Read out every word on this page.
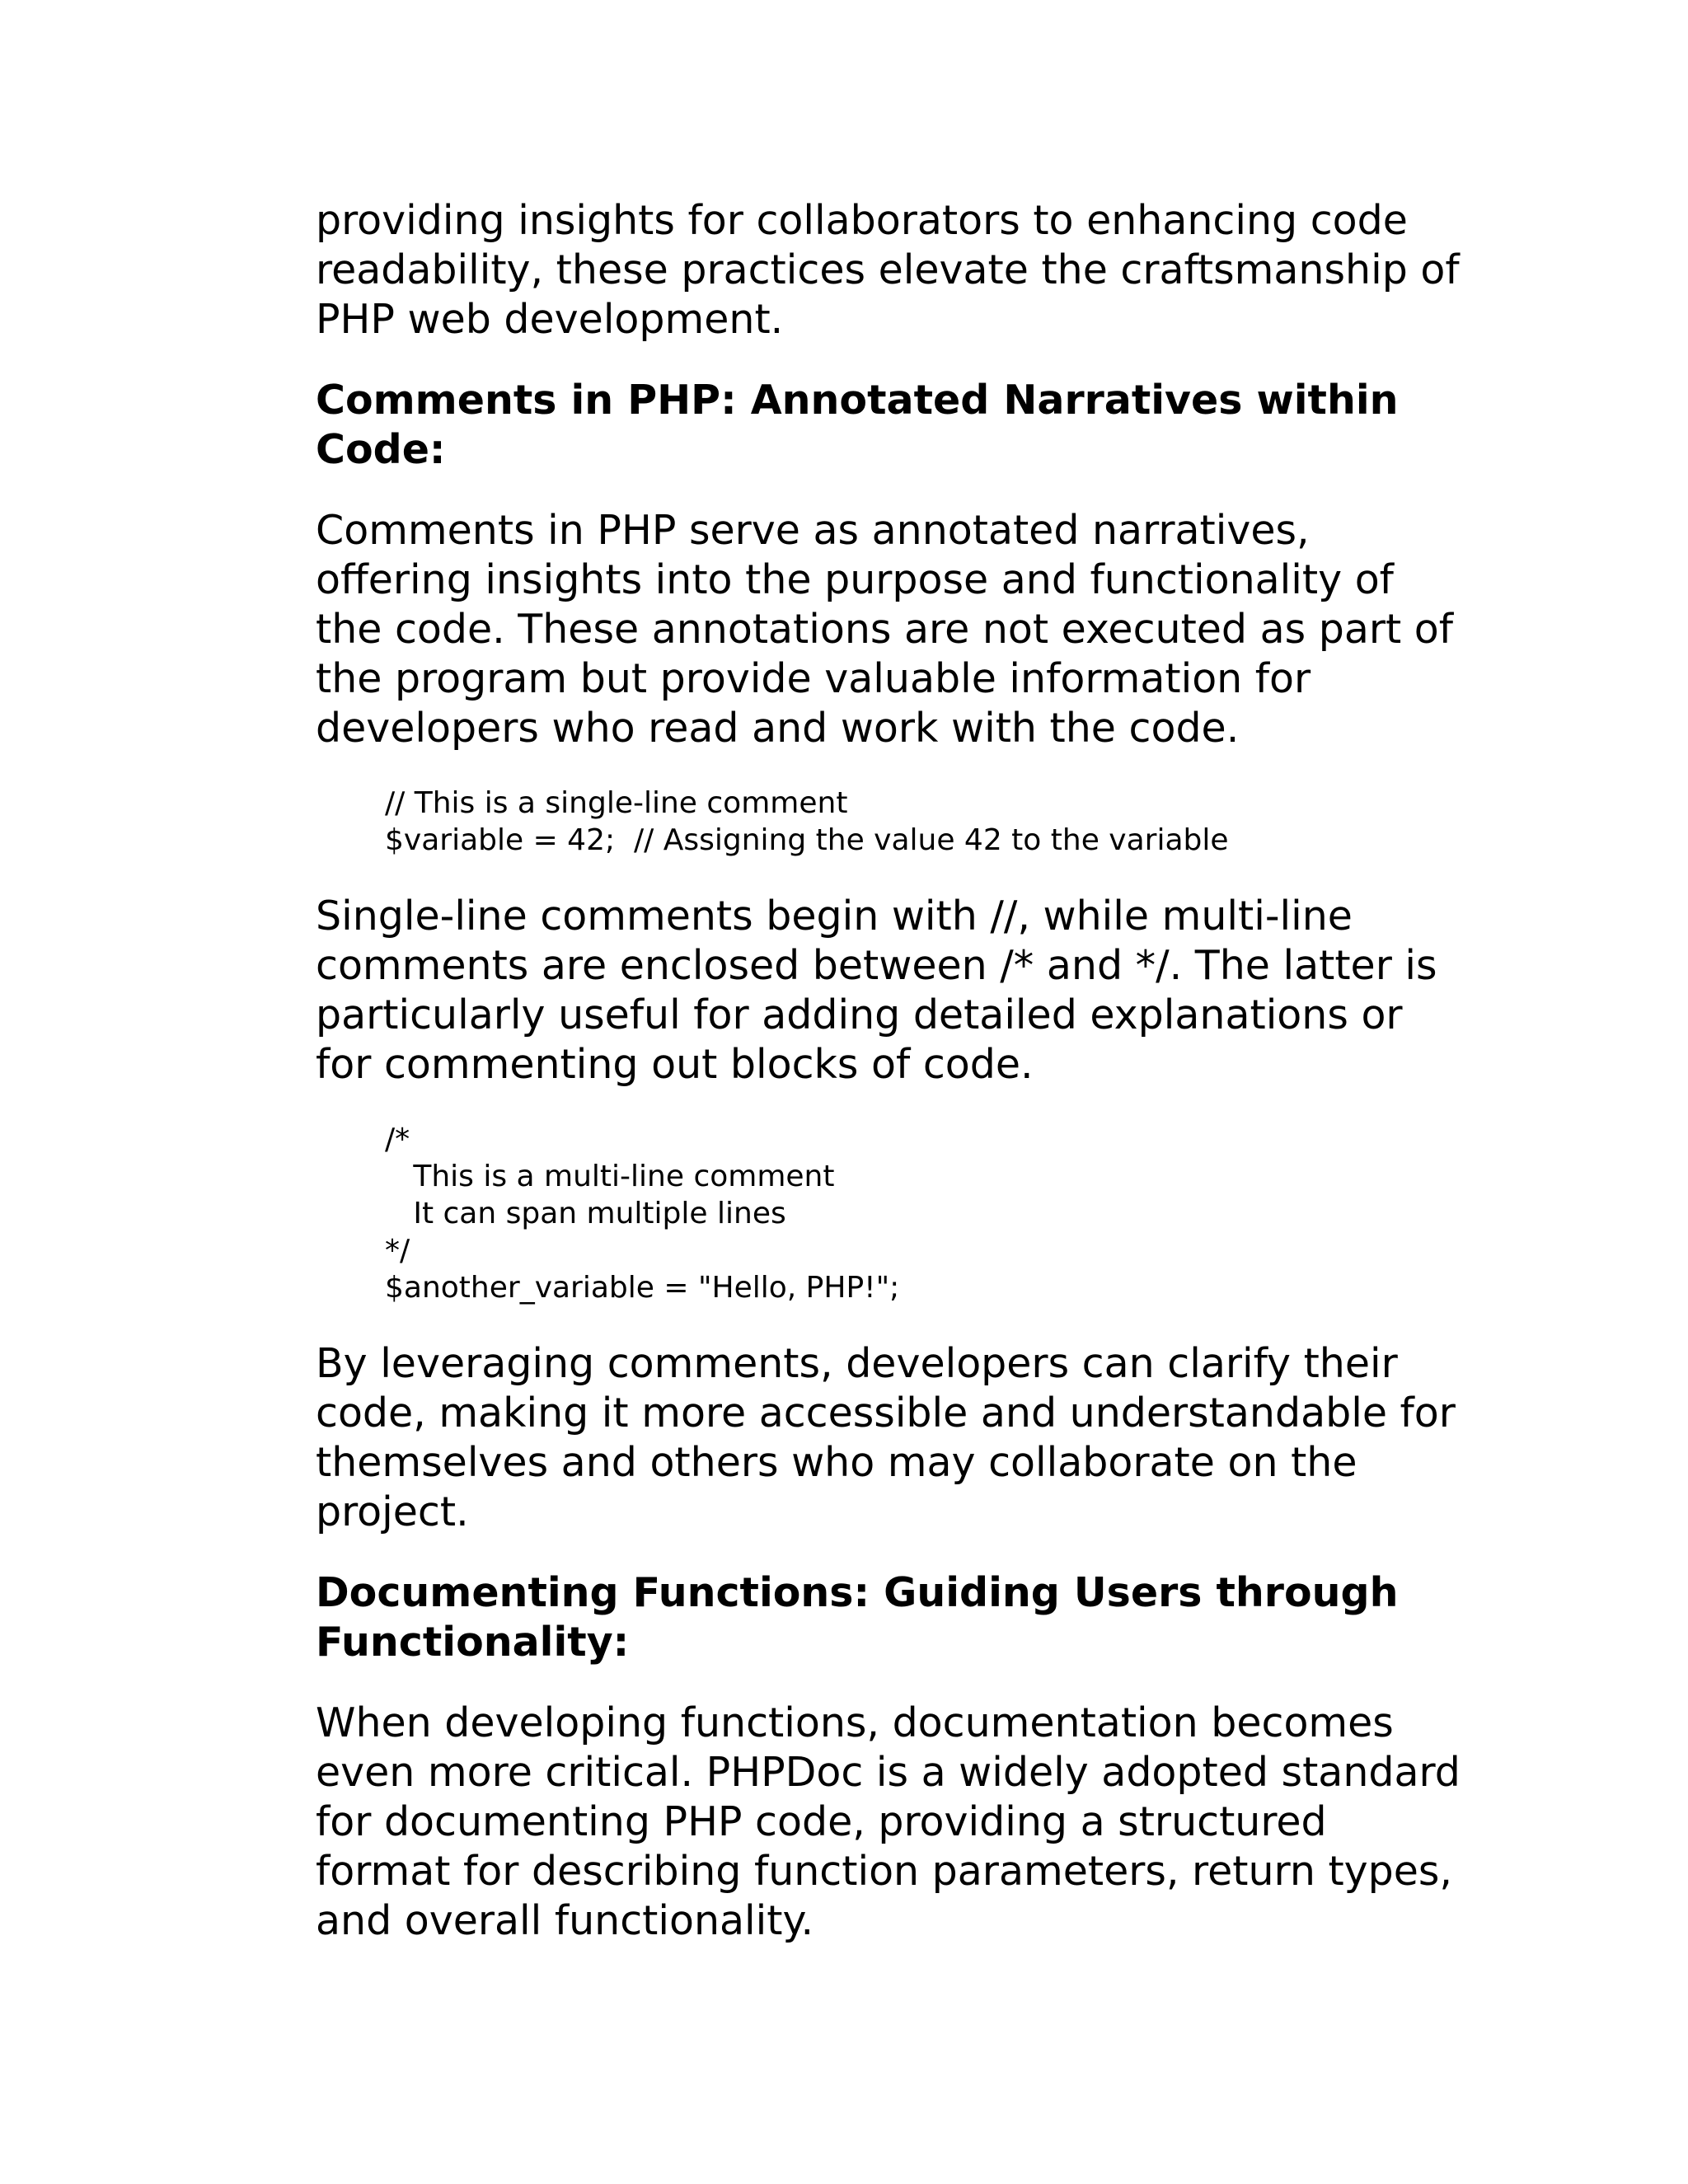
providing insights for collaborators to enhancing code readability, these practices elevate the craftsmanship of PHP web development.

Comments in PHP: Annotated Narratives within Code:

Comments in PHP serve as annotated narratives, offering insights into the purpose and functionality of the code. These annotations are not executed as part of the program but provide valuable information for developers who read and work with the code.

// This is a single-line comment
$variable = 42;  // Assigning the value 42 to the variable

Single-line comments begin with //, while multi-line comments are enclosed between /* and */. The latter is particularly useful for adding detailed explanations or for commenting out blocks of code.

/*
This is a multi-line comment
It can span multiple lines
*/
$another_variable = "Hello, PHP!";

By leveraging comments, developers can clarify their code, making it more accessible and understandable for themselves and others who may collaborate on the project.

Documenting Functions: Guiding Users through Functionality:

When developing functions, documentation becomes even more critical. PHPDoc is a widely adopted standard for documenting PHP code, providing a structured format for describing function parameters, return types, and overall functionality.
